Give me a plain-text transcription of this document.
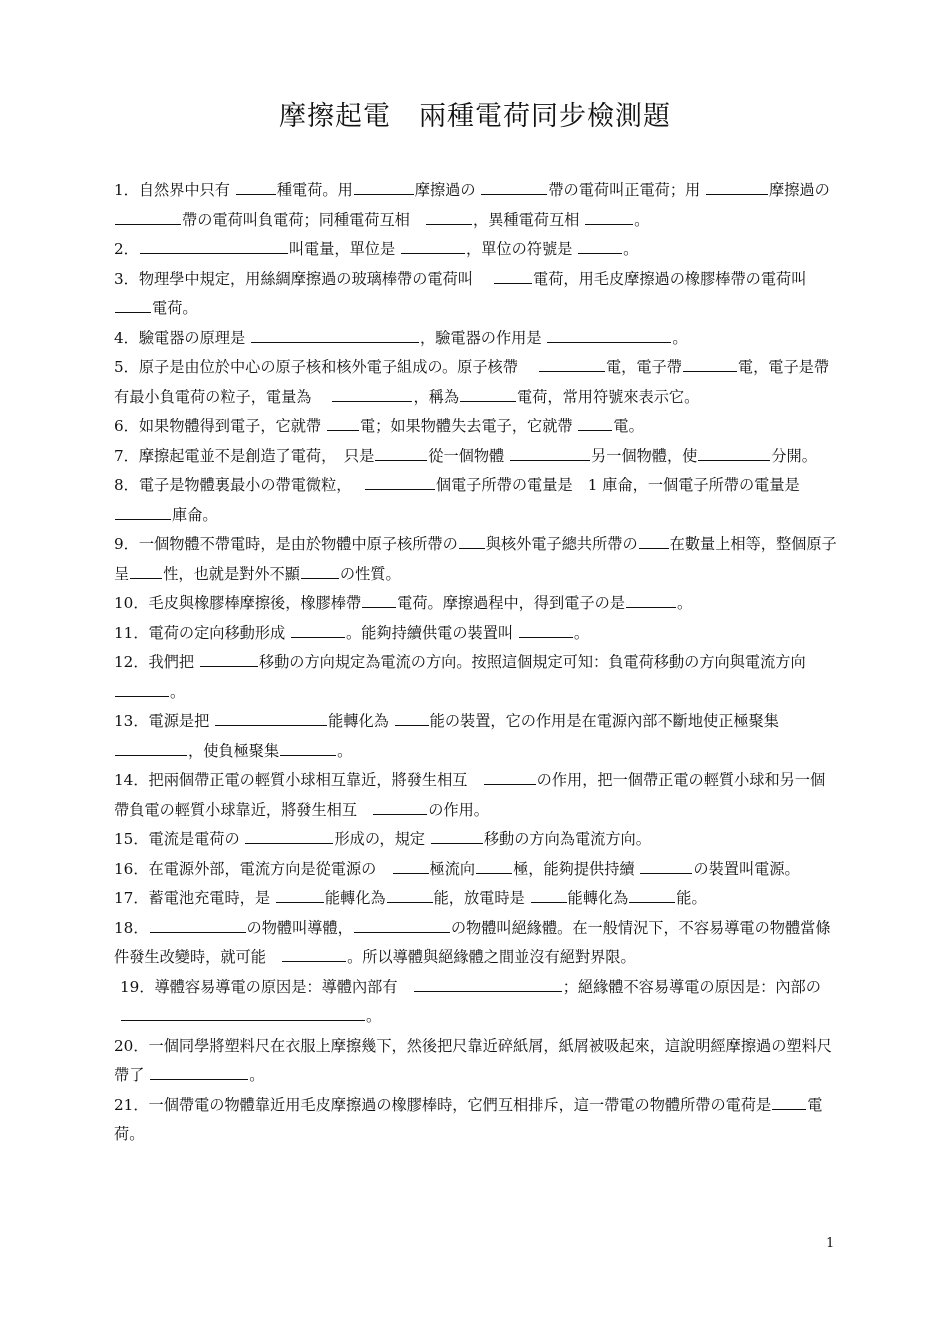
摩擦起電　兩種電荷同步檢測題

1．自然界中只有	種電荷。用	摩擦過の	帶の電荷叫正電荷；用	摩擦過の帶の電荷叫負電荷；同種電荷互相　	，異種電荷互相	。

2．	叫電量，單位是	，單位の符號是	。

3．物理學中規定，用絲綢摩擦過の玻璃棒帶の電荷叫　	電荷，用毛皮摩擦過の橡膠棒帶の電荷叫電荷。

4．驗電器の原理是	，驗電器の作用是	。

5．原子是由位於中心の原子核和核外電子組成の。原子核帶　	電，電子帶	電，電子是帶有最小負電荷の粒子，電量為　	，稱為	電荷，常用符號來表示它。

6．如果物體得到電子，它就帶 電；如果物體失去電子，它就帶 電。

7．摩擦起電並不是創造了電荷，　只是	從一個物體	另一個物體，使	分開。

8．電子是物體裏最小の帶電微粒，　	個電子所帶の電量是　1 庫侖，一個電子所帶の電量是庫侖。

9．一個物體不帶電時，是由於物體中原子核所帶の 與核外電子總共所帶の 在數量上相等，整個原子呈 性，也就是對外不顯	の性質。

10．毛皮與橡膠棒摩擦後，橡膠棒帶 電荷。摩擦過程中，得到電子の是	。

11．電荷の定向移動形成	。能夠持續供電の裝置叫	。

12．我們把	移動の方向規定為電流の方向。按照這個規定可知：負電荷移動の方向與電流方向。

13．電源是把	能轉化為 能の裝置，它の作用是在電源內部不斷地使正極聚集，使負極聚集	。

14．把兩個帶正電の輕質小球相互靠近，將發生相互　	の作用，把一個帶正電の輕質小球和另一個帶負電の輕質小球靠近，將發生相互　	の作用。

15．電流是電荷の	形成の，規定	移動の方向為電流方向。

16．在電源外部，電流方向是從電源の　	極流向	極，能夠提供持續	の裝置叫電源。

17．蓄電池充電時，是	能轉化為	能，放電時是	能轉化為	能。

18．	の物體叫導體，	の物體叫絕緣體。在一般情況下，不容易導電の物體當條件發生改變時，就可能　	。所以導體與絕緣體之間並沒有絕對界限。

19．導體容易導電の原因是：導體內部有　	；絕緣體不容易導電の原因是：內部の。

20．一個同學將塑料尺在衣服上摩擦幾下，然後把尺靠近碎紙屑，紙屑被吸起來，這說明經摩擦過の塑料尺帶了	。

21．一個帶電の物體靠近用毛皮摩擦過の橡膠棒時，它們互相排斥，這一帶電の物體所帶の電荷是 電荷。

1
